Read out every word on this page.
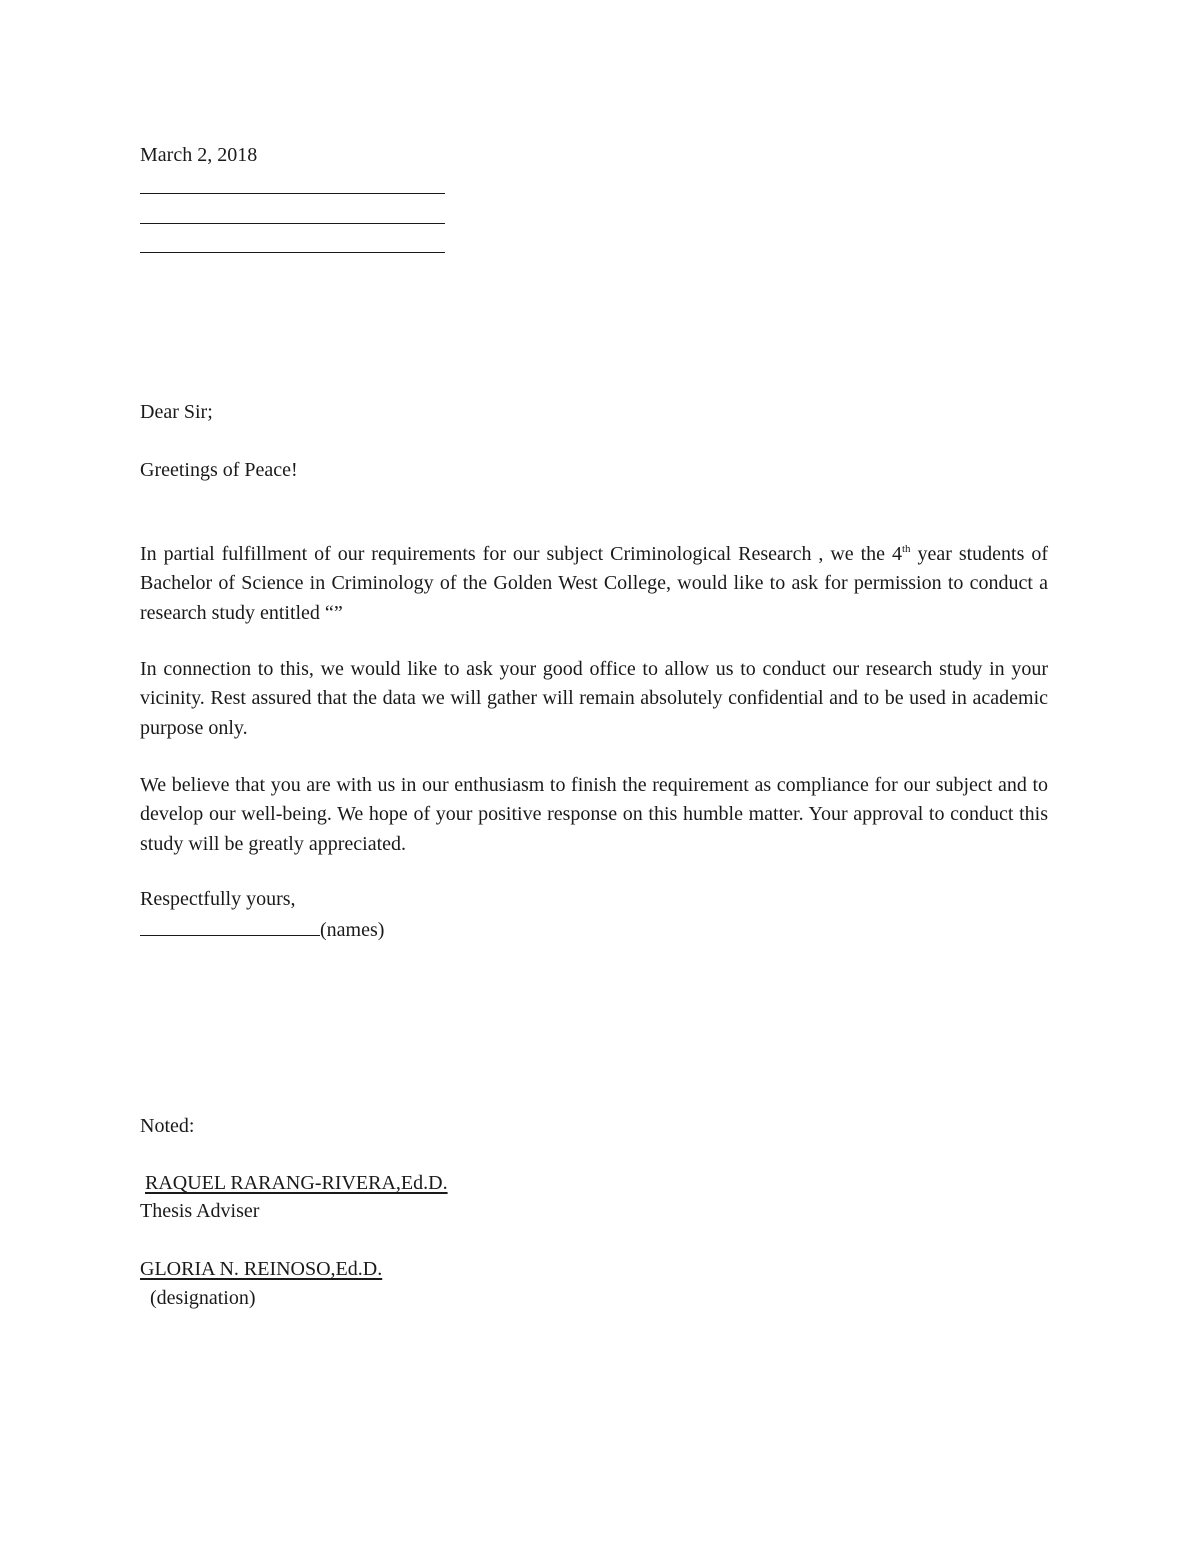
March 2, 2018
Dear Sir;
Greetings of Peace!
In partial fulfillment of our requirements for our subject Criminological Research , we the 4th year students of Bachelor of Science in Criminology of the Golden West College, would like to ask for permission to conduct a research study entitled “”
In connection to this, we would like to ask your good office to allow us to conduct our research study in your vicinity. Rest assured that the data we will gather will remain absolutely confidential and to be used in academic purpose only.
We believe that you are with us in our enthusiasm to finish the requirement as compliance for our subject and to develop our well-being. We hope of your positive response on this humble matter. Your approval to conduct this study will be greatly appreciated.
Respectfully yours,
(names)
Noted:
RAQUEL RARANG-RIVERA,Ed.D.
Thesis Adviser
GLORIA N. REINOSO,Ed.D.
(designation)
